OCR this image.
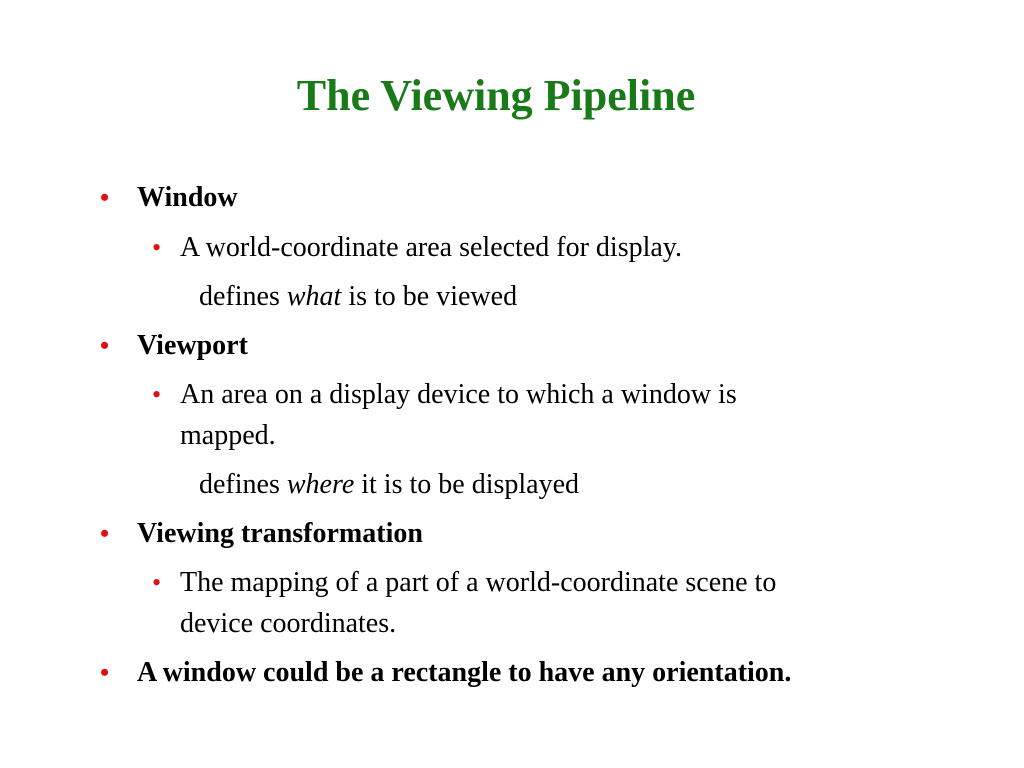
The Viewing Pipeline
• Window
• A world-coordinate area selected for display.
defines what is to be viewed
• Viewport
• An area on a display device to which a window is
mapped.
defines where it is to be displayed
• Viewing transformation
• The mapping of a part of a world-coordinate scene to
device coordinates.
• A window could be a rectangle to have any orientation.
